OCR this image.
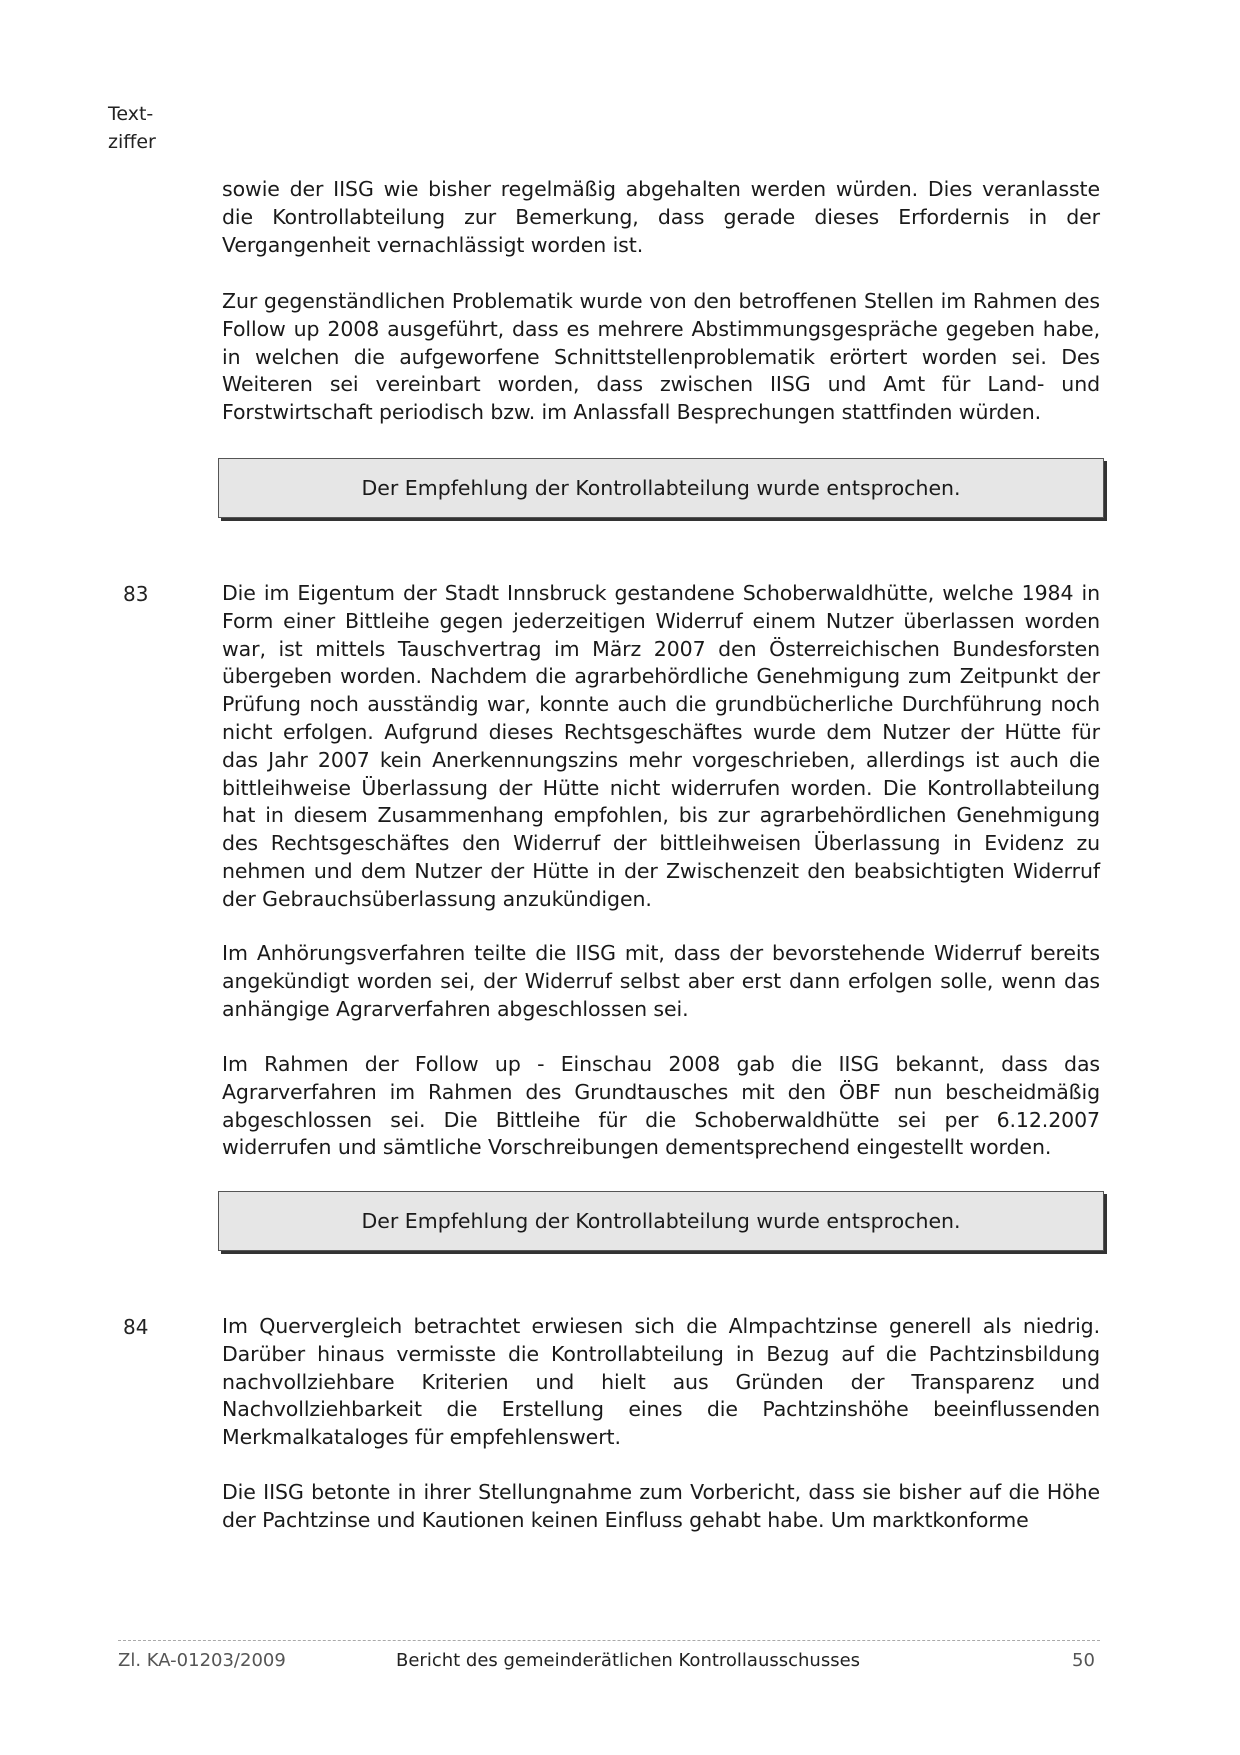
Text-
ziffer

sowie der IISG wie bisher regelmäßig abgehalten werden würden. Dies veranlasste die Kontrollabteilung zur Bemerkung, dass gerade dieses Erfordernis in der Vergangenheit vernachlässigt worden ist.

Zur gegenständlichen Problematik wurde von den betroffenen Stellen im Rahmen des Follow up 2008 ausgeführt, dass es mehrere Abstimmungsgespräche gegeben habe, in welchen die aufgeworfene Schnittstellenproblematik erörtert worden sei. Des Weiteren sei vereinbart worden, dass zwischen IISG und Amt für Land- und Forstwirtschaft periodisch bzw. im Anlassfall Besprechungen stattfinden würden.

Der Empfehlung der Kontrollabteilung wurde entsprochen.
83	Die im Eigentum der Stadt Innsbruck gestandene Schoberwaldhütte, welche 1984 in Form einer Bittleihe gegen jederzeitigen Widerruf einem Nutzer überlassen worden war, ist mittels Tauschvertrag im März 2007 den Österreichischen Bundesforsten übergeben worden. Nachdem die agrarbehördliche Genehmigung zum Zeitpunkt der Prüfung noch ausständig war, konnte auch die grundbücherliche Durchführung noch nicht erfolgen. Aufgrund dieses Rechtsgeschäftes wurde dem Nutzer der Hütte für das Jahr 2007 kein Anerkennungszins mehr vorgeschrieben, allerdings ist auch die bittleihweise Überlassung der Hütte nicht widerrufen worden. Die Kontrollabteilung hat in diesem Zusammenhang empfohlen, bis zur agrarbehördlichen Genehmigung des Rechtsgeschäftes den Widerruf der bittleihweisen Überlassung in Evidenz zu nehmen und dem Nutzer der Hütte in der Zwischenzeit den beabsichtigten Widerruf der Gebrauchsüberlassung anzukündigen.

Im Anhörungsverfahren teilte die IISG mit, dass der bevorstehende Widerruf bereits angekündigt worden sei, der Widerruf selbst aber erst dann erfolgen solle, wenn das anhängige Agrarverfahren abgeschlossen sei.

Im Rahmen der Follow up - Einschau 2008 gab die IISG bekannt, dass das Agrarverfahren im Rahmen des Grundtausches mit den ÖBF nun bescheidmäßig abgeschlossen sei. Die Bittleihe für die Schoberwaldhütte sei per 6.12.2007 widerrufen und sämtliche Vorschreibungen dementsprechend eingestellt worden.

Der Empfehlung der Kontrollabteilung wurde entsprochen.
84	Im Quervergleich betrachtet erwiesen sich die Almpachtzinse generell als niedrig. Darüber hinaus vermisste die Kontrollabteilung in Bezug auf die Pachtzinsbildung nachvollziehbare Kriterien und hielt aus Gründen der Transparenz und Nachvollziehbarkeit die Erstellung eines die Pachtzinshöhe beeinflussenden Merkmalkataloges für empfehlenswert.

Die IISG betonte in ihrer Stellungnahme zum Vorbericht, dass sie bisher auf die Höhe der Pachtzinse und Kautionen keinen Einfluss gehabt habe. Um marktkonforme

Zl. KA-01203/2009	Bericht des gemeinderätlichen Kontrollausschusses	50
